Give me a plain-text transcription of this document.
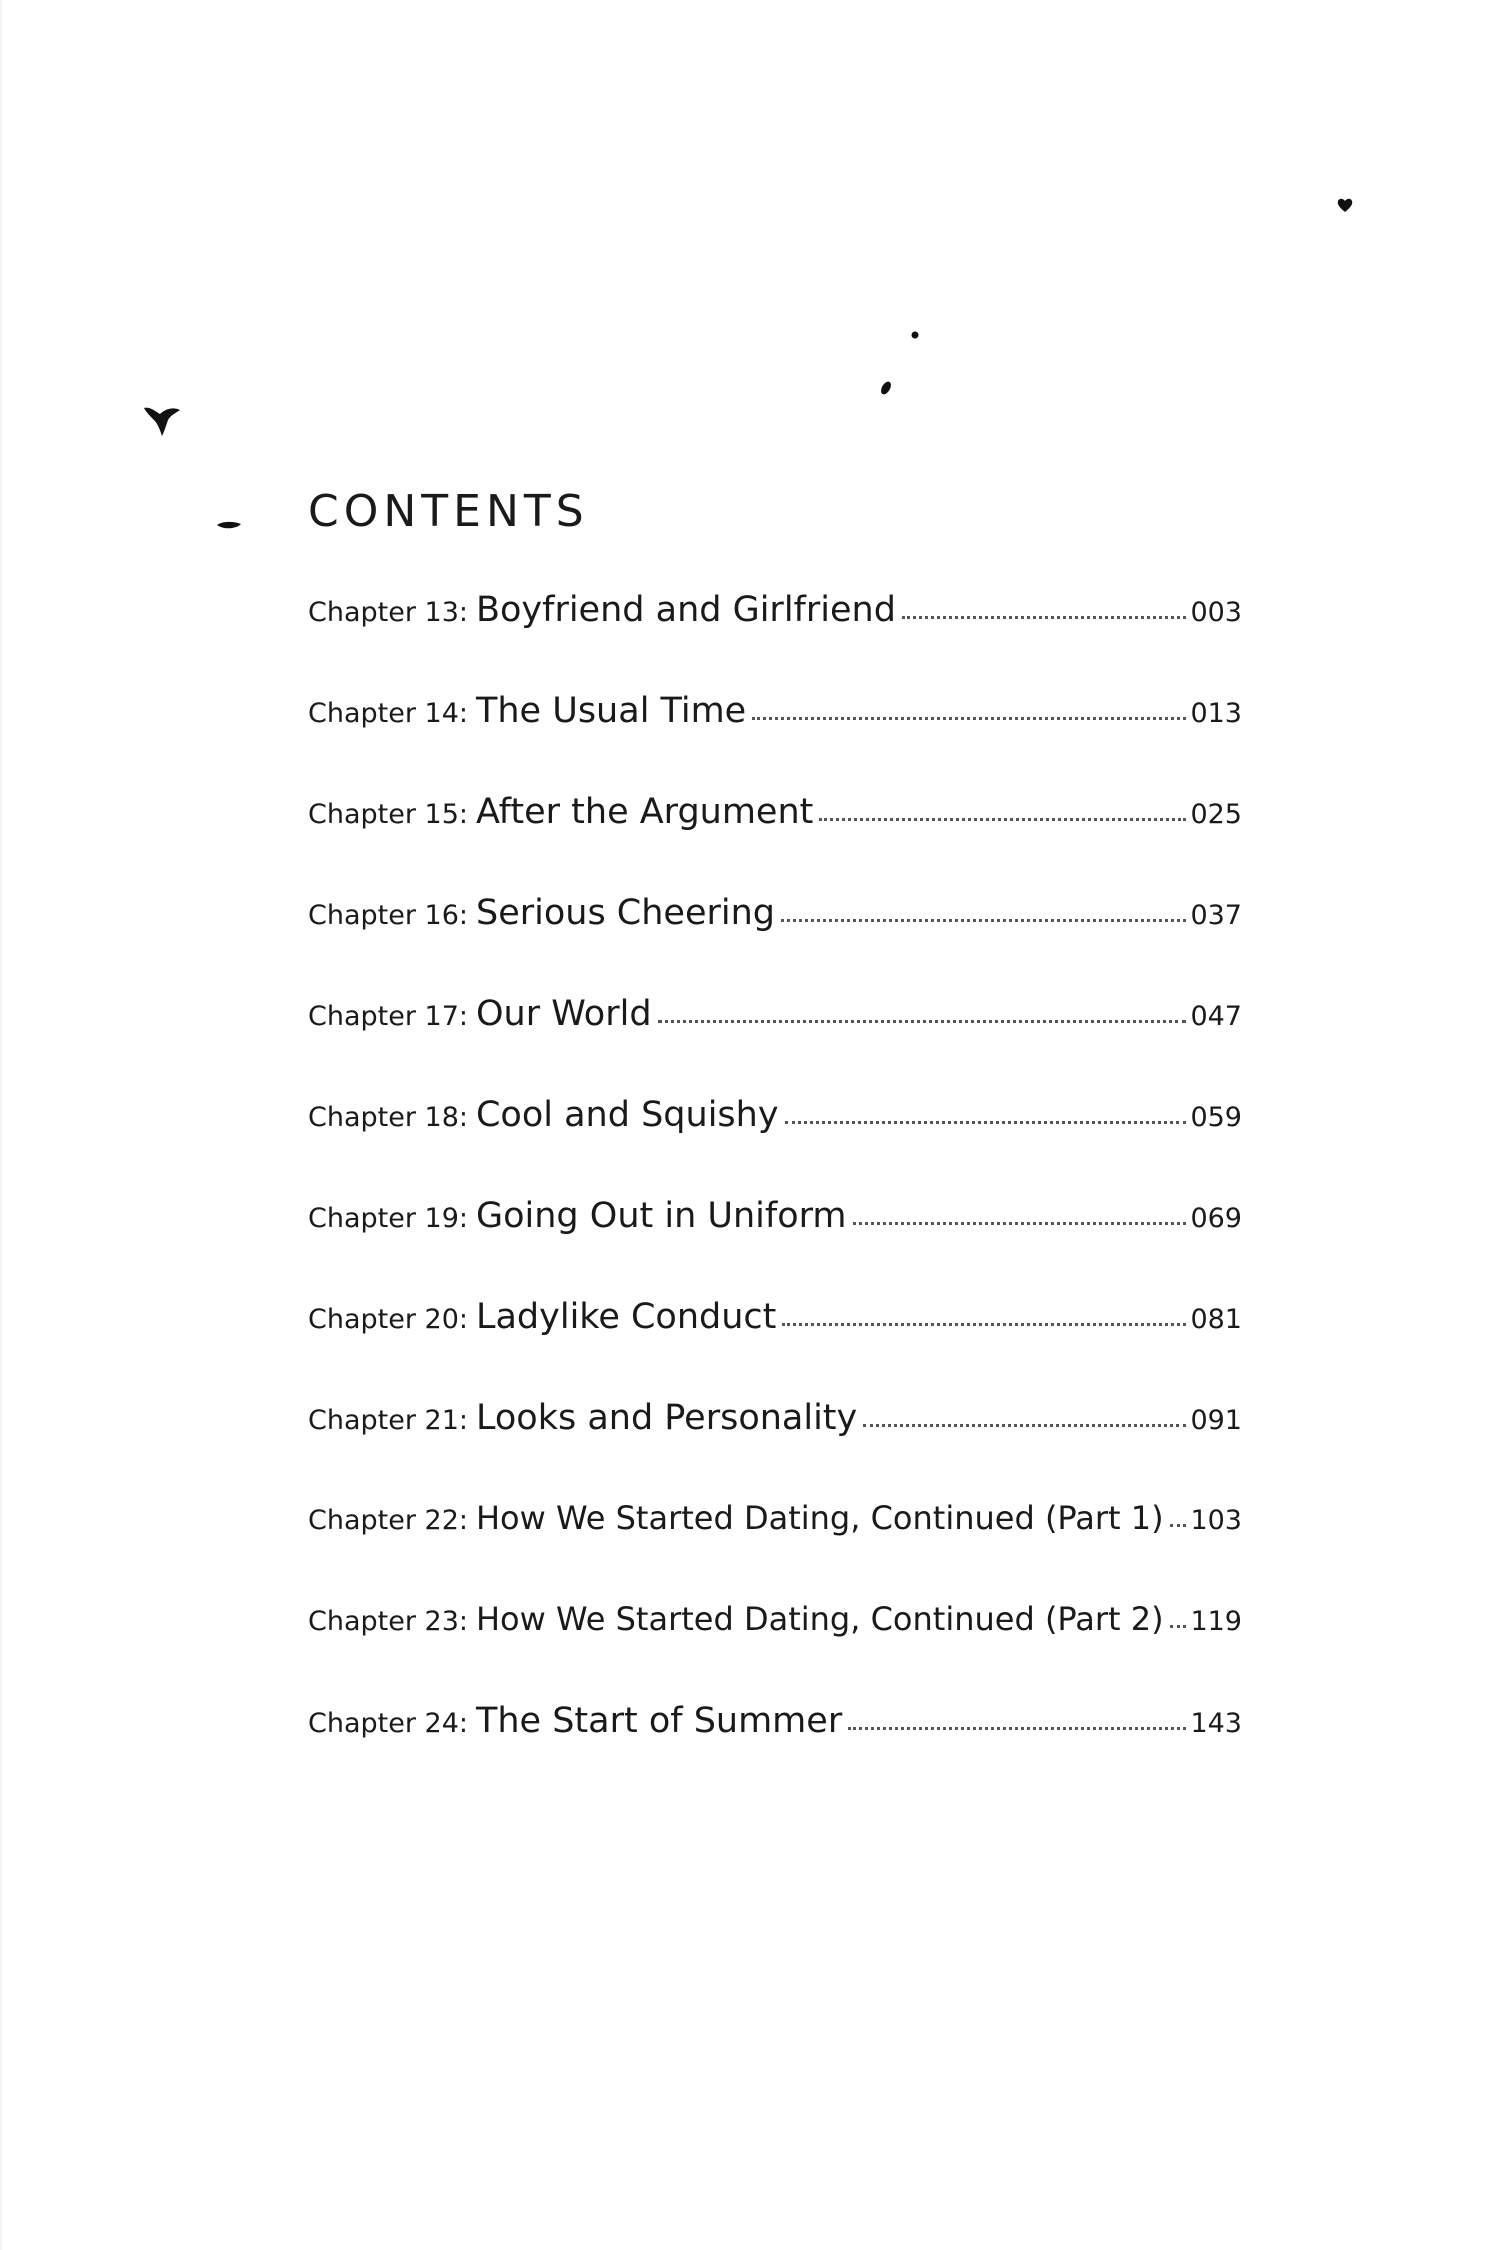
CONTENTS
Chapter 13: Boyfriend and Girlfriend	003
Chapter 14: The Usual Time	013
Chapter 15: After the Argument	025
Chapter 16: Serious Cheering	037
Chapter 17: Our World	047
Chapter 18: Cool and Squishy	059
Chapter 19: Going Out in Uniform	069
Chapter 20: Ladylike Conduct	081
Chapter 21: Looks and Personality	091
Chapter 22: How We Started Dating, Continued (Part 1) 103
Chapter 23: How We Started Dating, Continued (Part 2) 119
Chapter 24: The Start of Summer	143
